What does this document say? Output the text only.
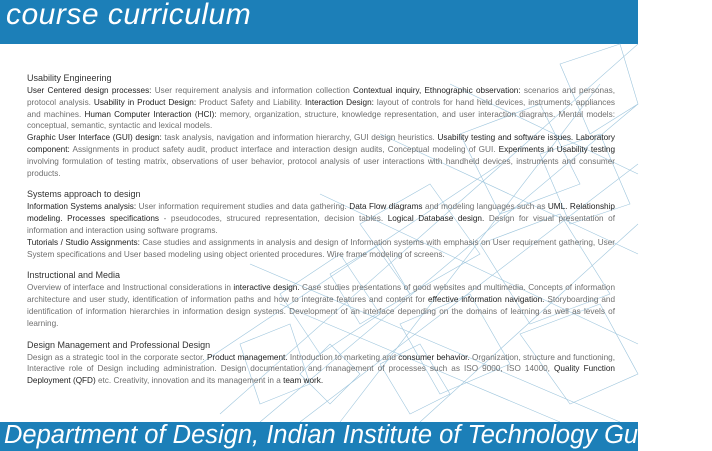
course curriculum
Usability Engineering

User Centered design processes: User requirement analysis and information collection Contextual inquiry, Ethnographic observation: scenarios and personas, protocol analysis. Usability in Product Design: Product Safety and Liability. Interaction Design: layout of controls for hand held devices, instruments, appliances and machines. Human Computer Interaction (HCI): memory, organization, structure, knowledge representation, and user interaction diagrams. Mental models: conceptual, semantic, syntactic and lexical models.

Graphic User Interface (GUI) design: task analysis, navigation and information hierarchy, GUI design heuristics. Usability testing and software issues. Laboratory component: Assignments in product safety audit, product interface and interaction design audits, Conceptual modeling of GUI. Experiments in Usability testing involving formulation of testing matrix, observations of user behavior, protocol analysis of user interactions with handheld devices, instruments and consumer products.

Systems approach to design

Information Systems analysis: User information requirement studies and data gathering. Data Flow diagrams and modeling languages such as UML. Relationship modeling. Processes specifications - pseudocodes, strucured representation, decision tables. Logical Database design. Design for visual presentation of information and interaction using software programs.

Tutorials / Studio Assignments: Case studies and assignments in analysis and design of Information systems with emphasis on User requirement gathering, User System specifications and User based modeling using object oriented procedures. Wire frame modeling of screens.

Instructional and Media

Overview of interface and Instructional considerations in interactive design. Case studies presentations of good websites and multimedia. Concepts of information architecture and user study, identification of information paths and how to integrate features and content for effective information navigation. Storyboarding and identification of information hierarchies in information design systems. Development of an interface depending on the domains of learning as well as levels of learning.

Design Management and Professional Design

Design as a strategic tool in the corporate sector. Product management. Introduction to marketing and consumer behavior. Organization, structure and functioning, Interactive role of Design including administration. Design documentation and management of processes such as ISO 9000, ISO 14000, Quality Function Deployment (QFD) etc. Creativity, innovation and its management in a team work.

Department of Design, Indian Institute of Technology Guwahati
